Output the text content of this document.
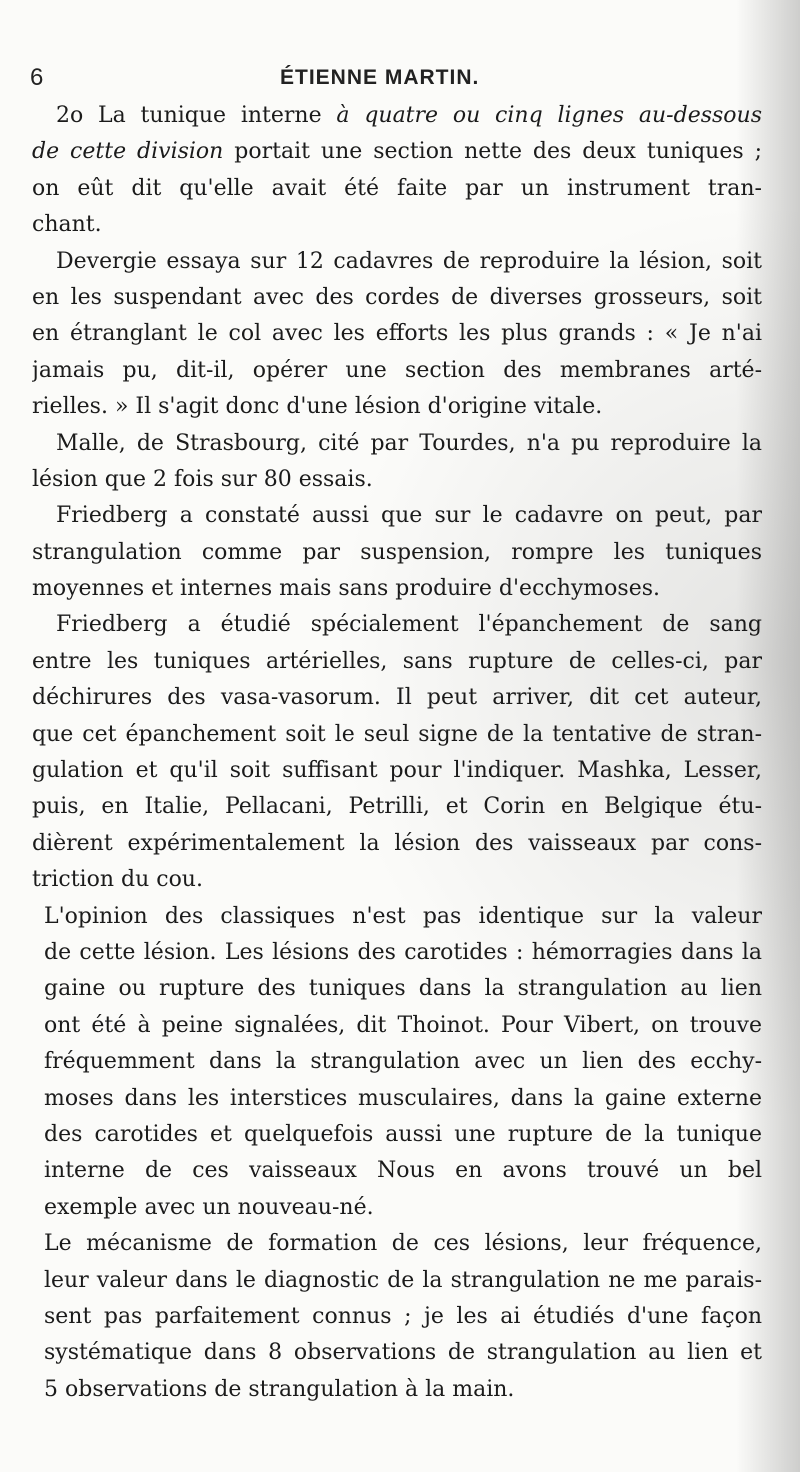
6	ÉTIENNE MARTIN.
2o La tunique interne à quatre ou cinq lignes au-dessous
de cette division portait une section nette des deux tuniques ;
on eût dit qu'elle avait été faite par un instrument tran-
chant.
Devergie essaya sur 12 cadavres de reproduire la lésion, soit
en les suspendant avec des cordes de diverses grosseurs, soit
en étranglant le col avec les efforts les plus grands : « Je n'ai
jamais pu, dit-il, opérer une section des membranes arté-
rielles. » Il s'agit donc d'une lésion d'origine vitale.
Malle, de Strasbourg, cité par Tourdes, n'a pu reproduire la
lésion que 2 fois sur 80 essais.
Friedberg a constaté aussi que sur le cadavre on peut, par
strangulation comme par suspension, rompre les tuniques
moyennes et internes mais sans produire d'ecchymoses.
Friedberg a étudié spécialement l'épanchement de sang
entre les tuniques artérielles, sans rupture de celles-ci, par
déchirures des vasa-vasorum. Il peut arriver, dit cet auteur,
que cet épanchement soit le seul signe de la tentative de stran-
gulation et qu'il soit suffisant pour l'indiquer. Mashka, Lesser,
puis, en Italie, Pellacani, Petrilli, et Corin en Belgique étu-
dièrent expérimentalement la lésion des vaisseaux par cons-
triction du cou.
L'opinion des classiques n'est pas identique sur la valeur
de cette lésion. Les lésions des carotides : hémorragies dans la
gaine ou rupture des tuniques dans la strangulation au lien
ont été à peine signalées, dit Thoinot. Pour Vibert, on trouve
fréquemment dans la strangulation avec un lien des ecchy-
moses dans les interstices musculaires, dans la gaine externe
des carotides et quelquefois aussi une rupture de la tunique
interne de ces vaisseaux Nous en avons trouvé un bel
exemple avec un nouveau-né.
Le mécanisme de formation de ces lésions, leur fréquence,
leur valeur dans le diagnostic de la strangulation ne me parais-
sent pas parfaitement connus ; je les ai étudiés d'une façon
systématique dans 8 observations de strangulation au lien et
5 observations de strangulation à la main.
